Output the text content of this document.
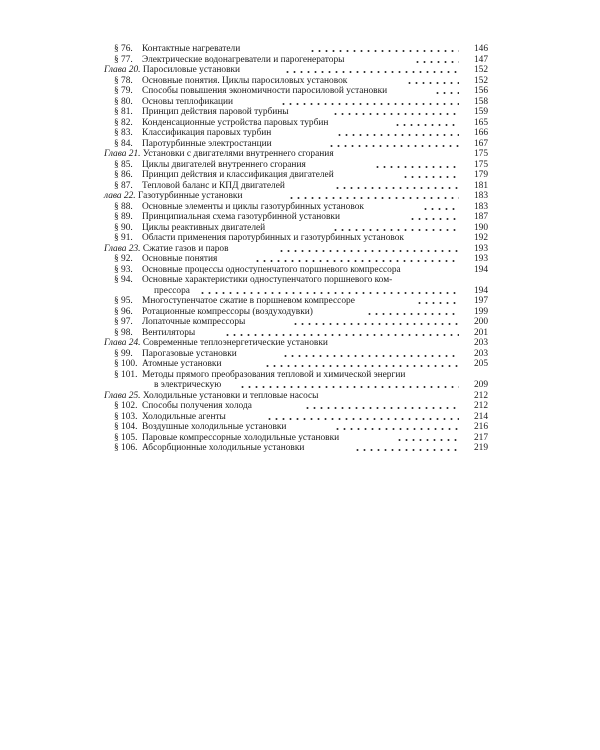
§ 76. Контактные нагреватели	146
§ 77. Электрические водонагреватели и парогенераторы	147
Глава 20. Паросиловые установки	152
§ 78. Основные понятия. Циклы паросиловых установок	152
§ 79. Способы повышения экономичности паросиловой установки	156
§ 80. Основы теплофикации	158
§ 81. Принцип действия паровой турбины	159
§ 82. Конденсационные устройства паровых турбин	165
§ 83. Классификация паровых турбин	166
§ 84. Паротурбинные электростанции	167
Глава 21. Установки с двигателями внутреннего сгорания	175
§ 85. Циклы двигателей внутреннего сгорания	175
§ 86. Принцип действия и классификация двигателей	179
§ 87. Тепловой баланс и КПД двигателей	181
лава 22. Газотурбинные установки	183
§ 88. Основные элементы и циклы газотурбинных установок	183
§ 89. Принципиальная схема газотурбинной установки	187
§ 90. Циклы реактивных двигателей	190
§ 91. Области применения паротурбинных и газотурбинных установок	192
Глава 23. Сжатие газов и паров	193
§ 92. Основные понятия	193
§ 93. Основные процессы одноступенчатого поршневого компрессора	194
§ 94. Основные характеристики одноступенчатого поршневого ком-
прессора	194
§ 95. Многоступенчатое сжатие в поршневом компрессоре	197
§ 96. Ротационные компрессоры (воздуходувки)	199
§ 97. Лопаточные компрессоры	200
§ 98. Вентиляторы	201
Глава 24. Современные теплоэнергетические установки	203
§ 99. Парогазовые установки	203
§ 100. Атомные установки	205
§ 101. Методы прямого преобразования тепловой и химической энергии
в электрическую	209
Глава 25. Холодильные установки и тепловые насосы	212
§ 102. Способы получения холода	212
§ 103. Холодильные агенты	214
§ 104. Воздушные холодильные установки	216
§ 105. Паровые компрессорные холодильные установки	217
§ 106. Абсорбционные холодильные установки	219
